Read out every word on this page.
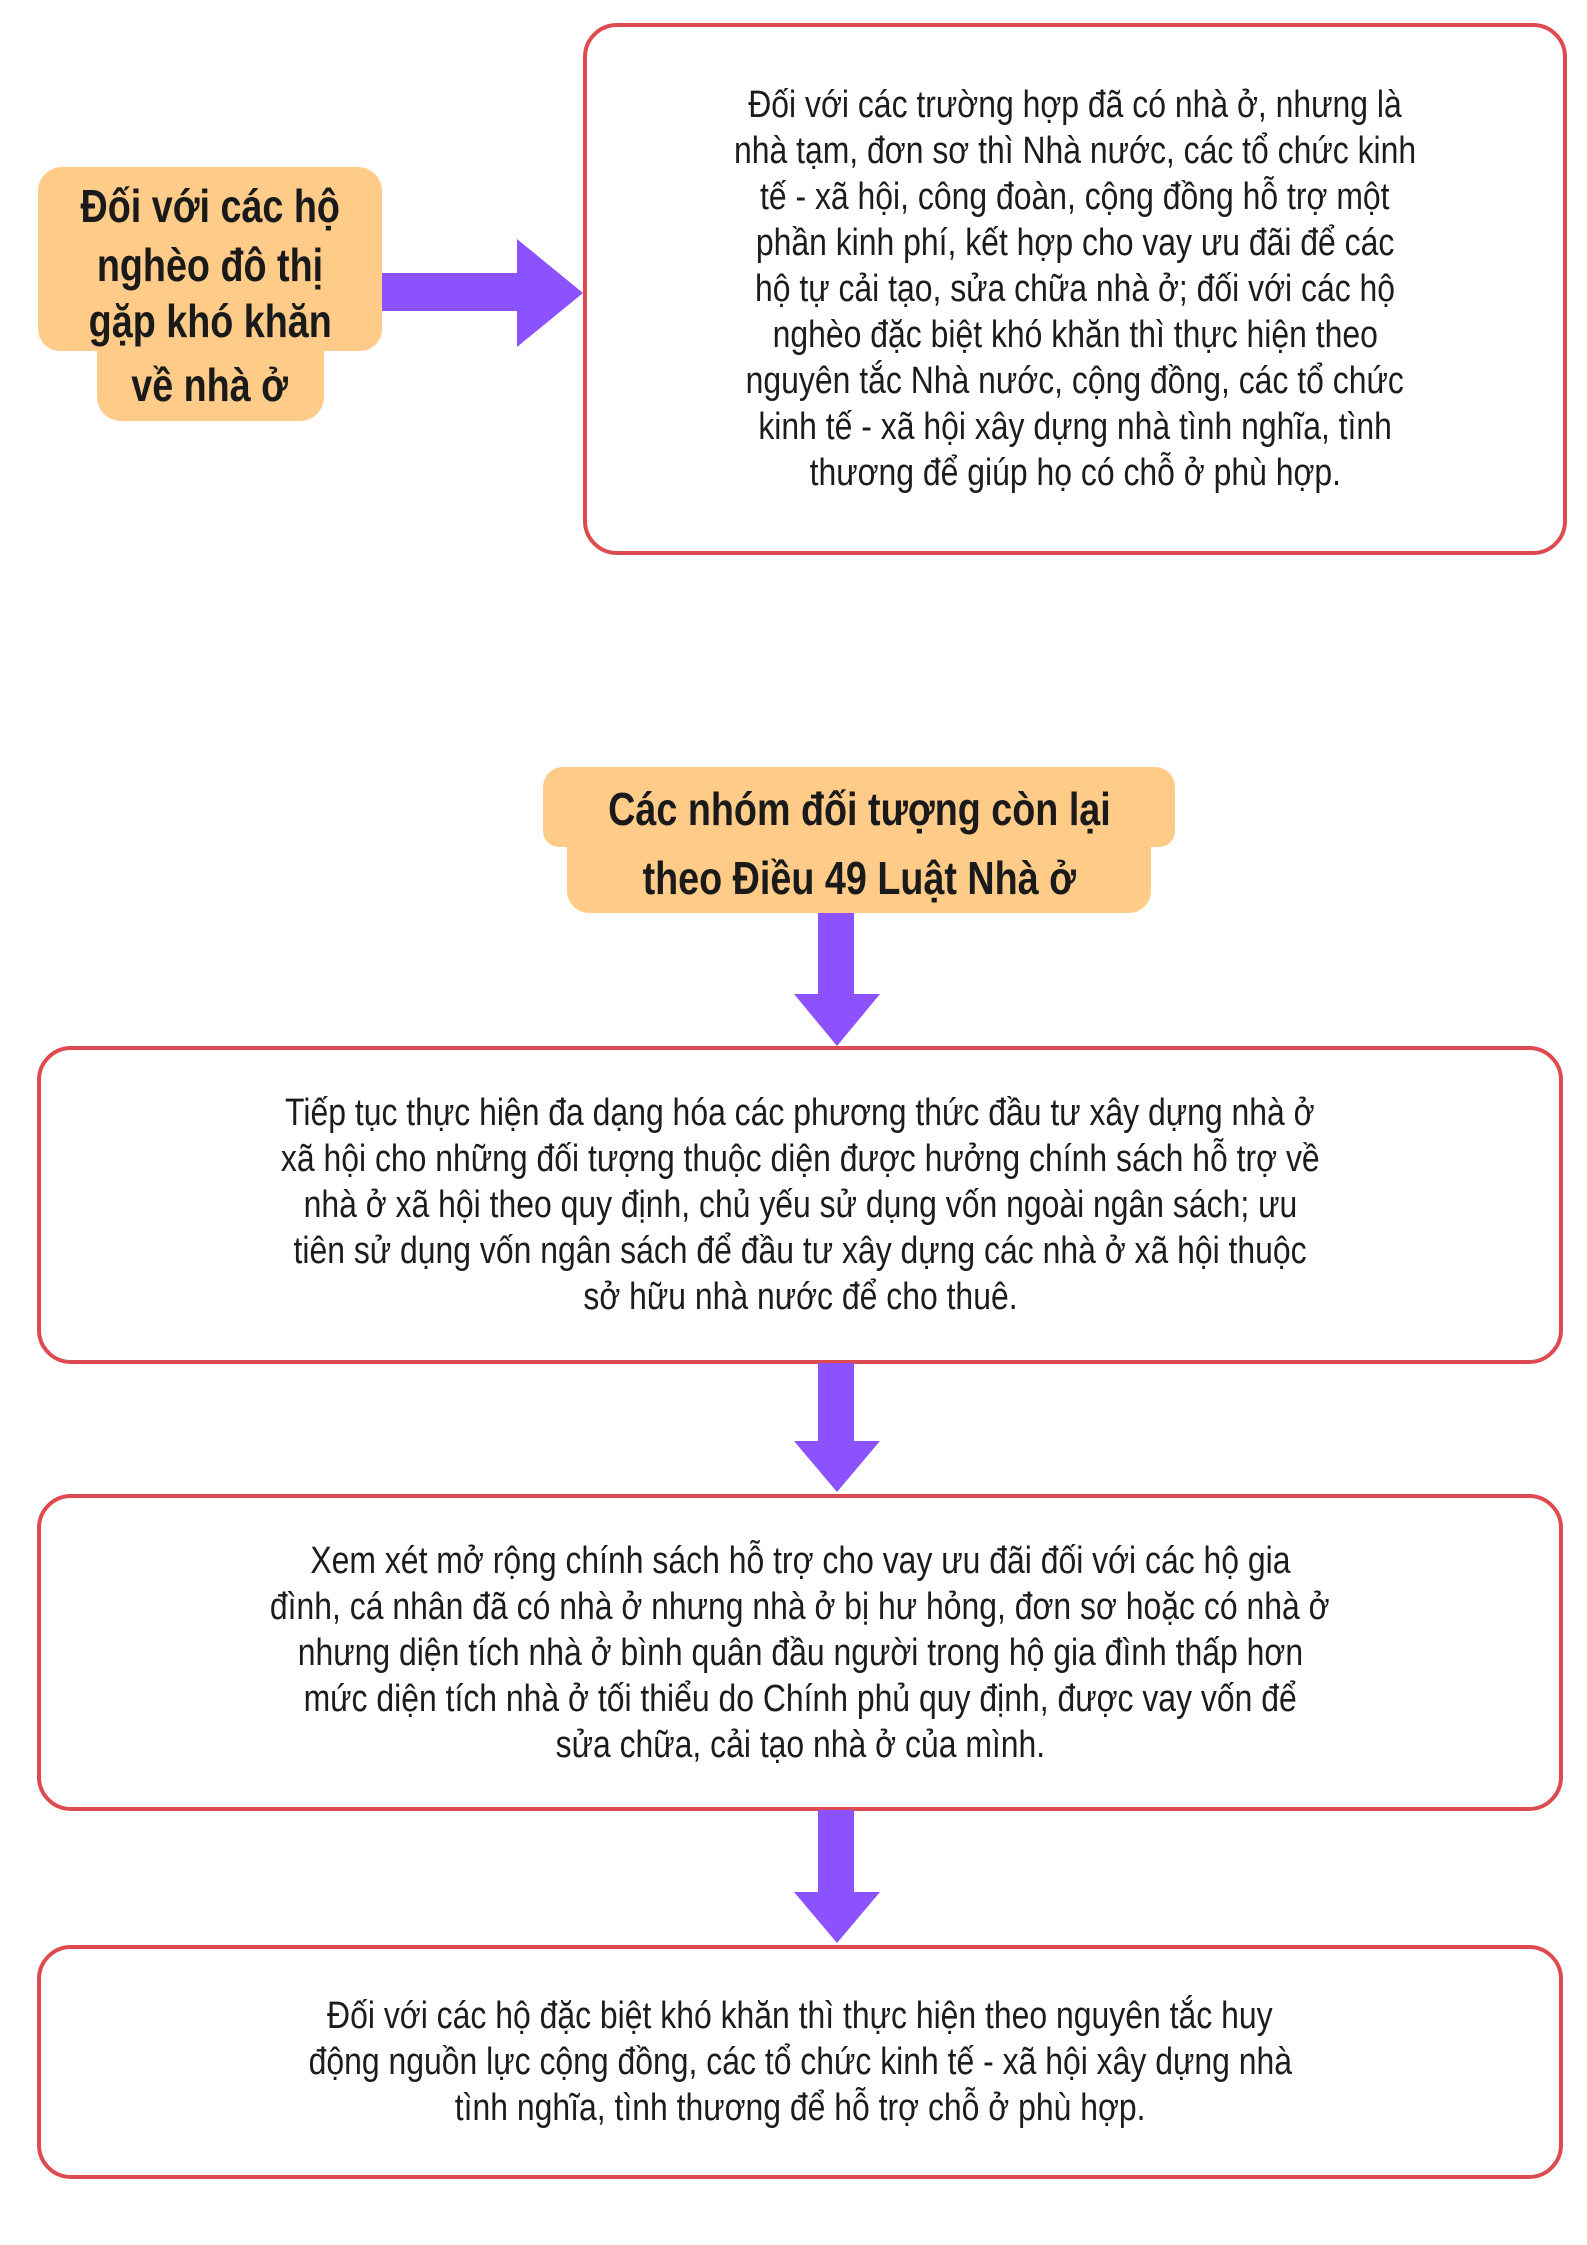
Đối với các hộ
nghèo đô thị
gặp khó khăn
về nhà ở
Đối với các trường hợp đã có nhà ở, nhưng là
nhà tạm, đơn sơ thì Nhà nước, các tổ chức kinh
tế - xã hội, công đoàn, cộng đồng hỗ trợ một
phần kinh phí, kết hợp cho vay ưu đãi để các
hộ tự cải tạo, sửa chữa nhà ở; đối với các hộ
nghèo đặc biệt khó khăn thì thực hiện theo
nguyên tắc Nhà nước, cộng đồng, các tổ chức
kinh tế - xã hội xây dựng nhà tình nghĩa, tình
thương để giúp họ có chỗ ở phù hợp.
Các nhóm đối tượng còn lại
theo Điều 49 Luật Nhà ở
Tiếp tục thực hiện đa dạng hóa các phương thức đầu tư xây dựng nhà ở
xã hội cho những đối tượng thuộc diện được hưởng chính sách hỗ trợ về
nhà ở xã hội theo quy định, chủ yếu sử dụng vốn ngoài ngân sách; ưu
tiên sử dụng vốn ngân sách để đầu tư xây dựng các nhà ở xã hội thuộc
sở hữu nhà nước để cho thuê.
Xem xét mở rộng chính sách hỗ trợ cho vay ưu đãi đối với các hộ gia
đình, cá nhân đã có nhà ở nhưng nhà ở bị hư hỏng, đơn sơ hoặc có nhà ở
nhưng diện tích nhà ở bình quân đầu người trong hộ gia đình thấp hơn
mức diện tích nhà ở tối thiểu do Chính phủ quy định, được vay vốn để
sửa chữa, cải tạo nhà ở của mình.
Đối với các hộ đặc biệt khó khăn thì thực hiện theo nguyên tắc huy
động nguồn lực cộng đồng, các tổ chức kinh tế - xã hội xây dựng nhà
tình nghĩa, tình thương để hỗ trợ chỗ ở phù hợp.
